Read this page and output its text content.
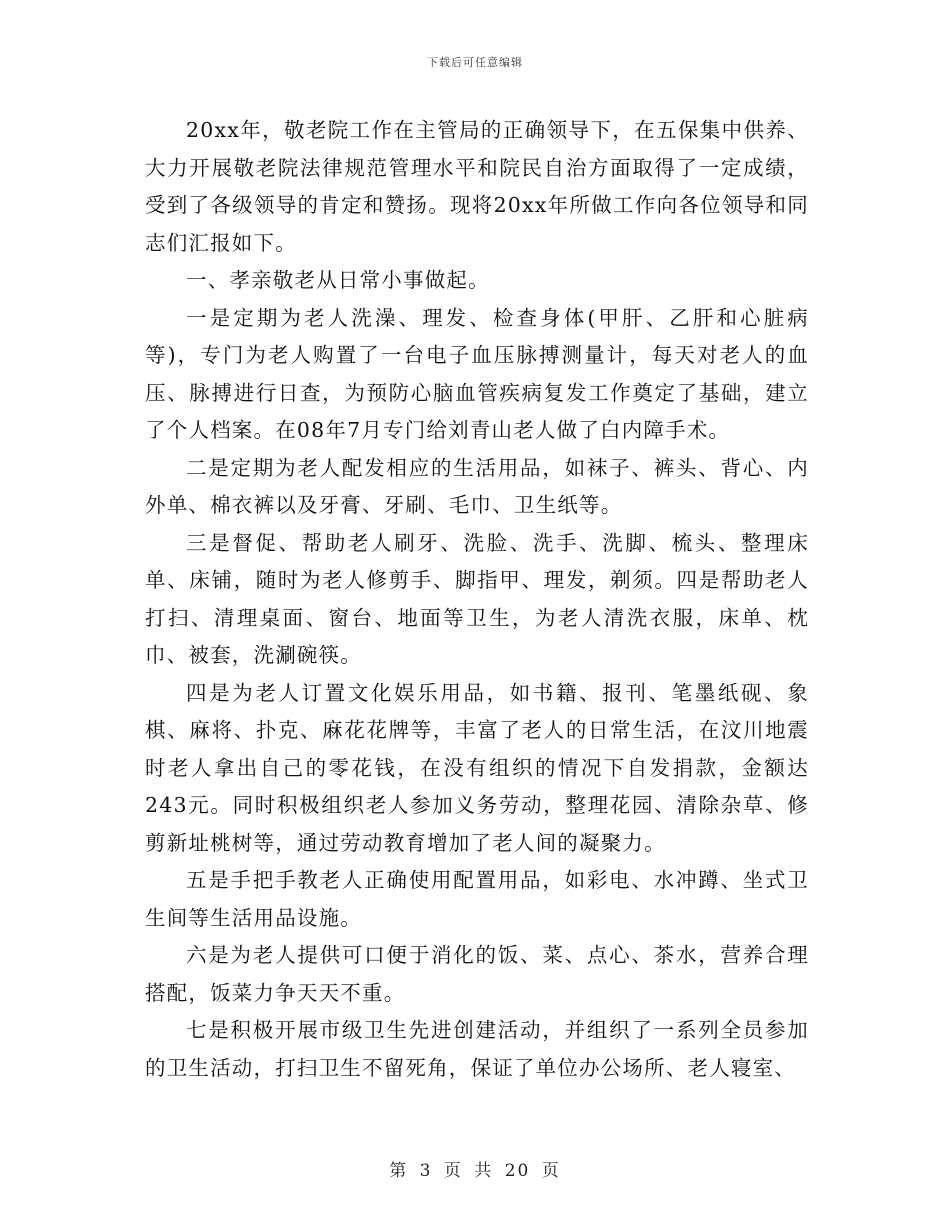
下载后可任意编辑

20xx年，敬老院工作在主管局的正确领导下，在五保集中供养、大力开展敬老院法律规范管理水平和院民自治方面取得了一定成绩，受到了各级领导的肯定和赞扬。现将20xx年所做工作向各位领导和同志们汇报如下。

一、孝亲敬老从日常小事做起。

一是定期为老人洗澡、理发、检查身体(甲肝、乙肝和心脏病等)，专门为老人购置了一台电子血压脉搏测量计，每天对老人的血压、脉搏进行日查，为预防心脑血管疾病复发工作奠定了基础，建立了个人档案。在08年7月专门给刘青山老人做了白内障手术。

二是定期为老人配发相应的生活用品，如袜子、裤头、背心、内外单、棉衣裤以及牙膏、牙刷、毛巾、卫生纸等。

三是督促、帮助老人刷牙、洗脸、洗手、洗脚、梳头、整理床单、床铺，随时为老人修剪手、脚指甲、理发，剃须。四是帮助老人打扫、清理桌面、窗台、地面等卫生，为老人清洗衣服，床单、枕巾、被套，洗涮碗筷。

四是为老人订置文化娱乐用品，如书籍、报刊、笔墨纸砚、象棋、麻将、扑克、麻花花牌等，丰富了老人的日常生活，在汶川地震时老人拿出自己的零花钱，在没有组织的情况下自发捐款，金额达243元。同时积极组织老人参加义务劳动，整理花园、清除杂草、修剪新址桃树等，通过劳动教育增加了老人间的凝聚力。

五是手把手教老人正确使用配置用品，如彩电、水冲蹲、坐式卫生间等生活用品设施。

六是为老人提供可口便于消化的饭、菜、点心、茶水，营养合理搭配，饭菜力争天天不重。

七是积极开展市级卫生先进创建活动，并组织了一系列全员参加的卫生活动，打扫卫生不留死角，保证了单位办公场所、老人寝室、

第 3 页 共 20 页
